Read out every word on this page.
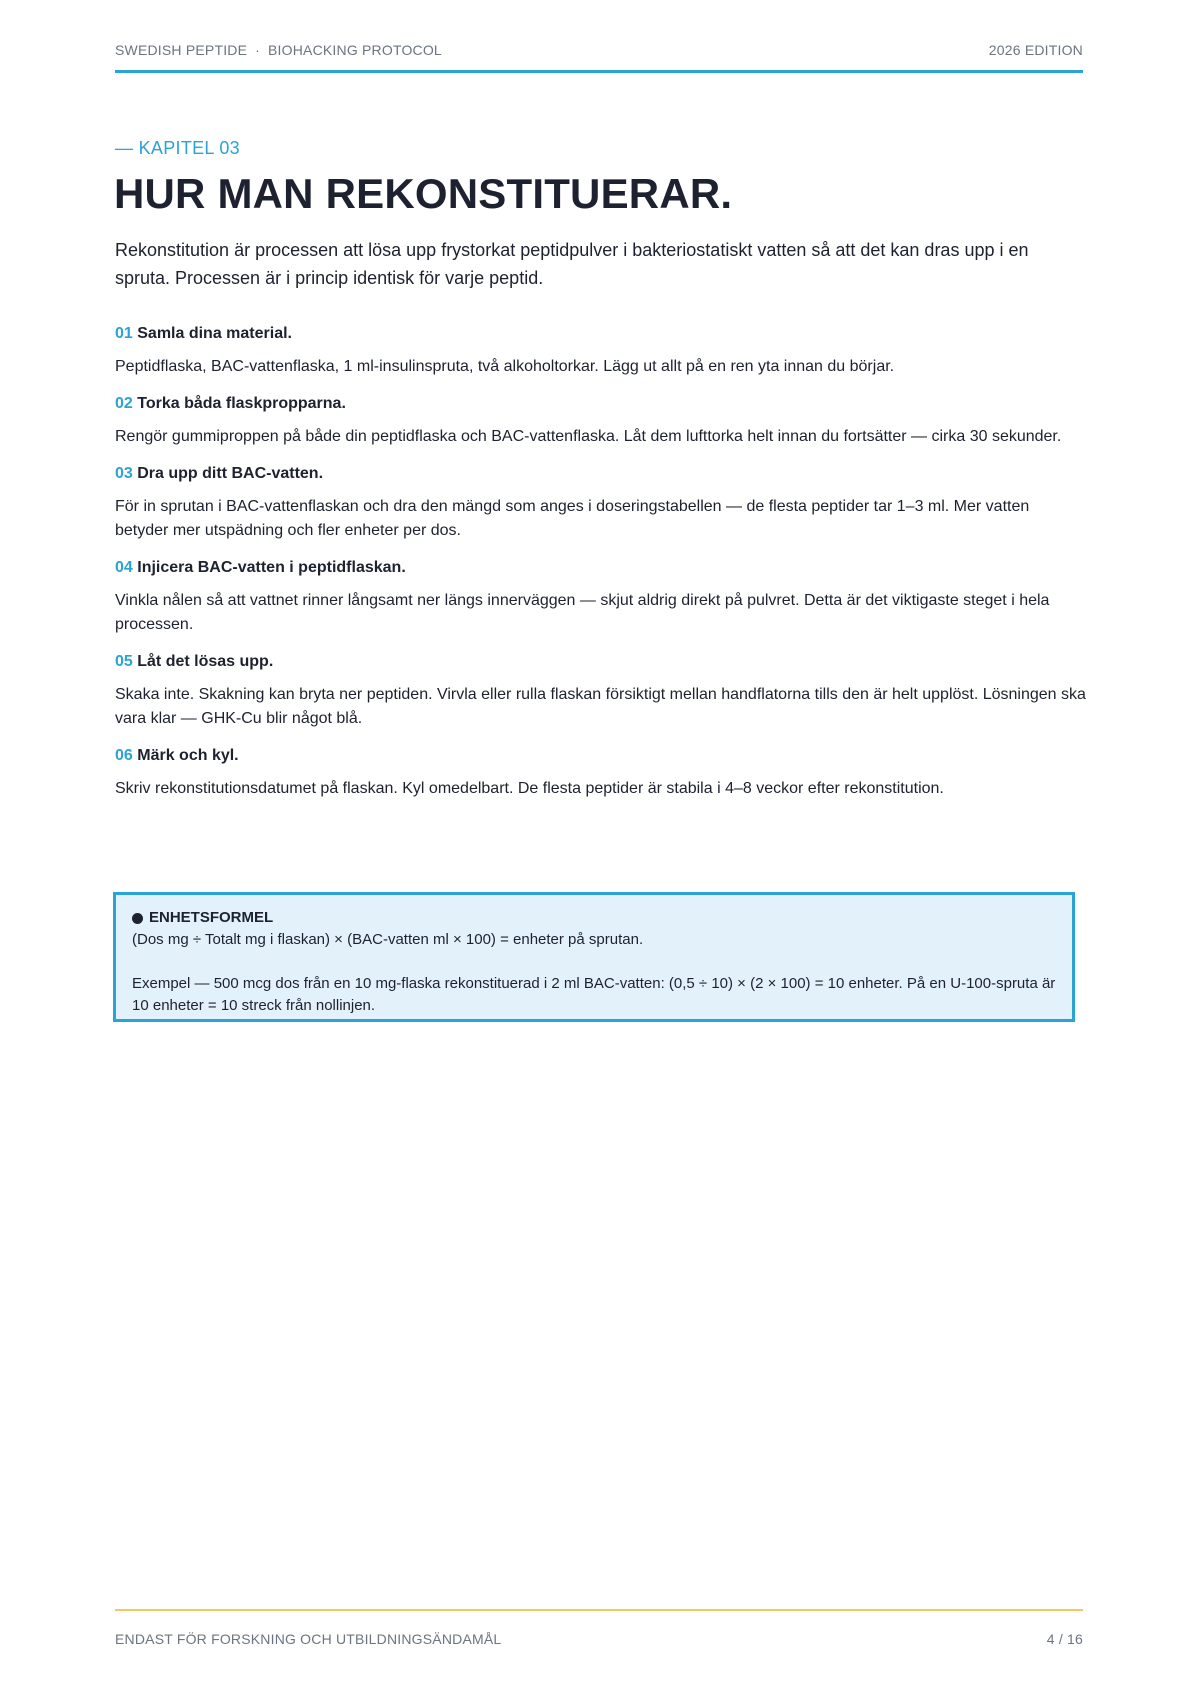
SWEDISH PEPTIDE · BIOHACKING PROTOCOL	2026 EDITION
— KAPITEL 03
HUR MAN REKONSTITUERAR.

Rekonstitution är processen att lösa upp frystorkat peptidpulver i bakteriostatiskt vatten så att det kan dras upp i en spruta. Processen är i princip identisk för varje peptid.

01 Samla dina material.

Peptidflaska, BAC-vattenflaska, 1 ml-insulinspruta, två alkoholtorkar. Lägg ut allt på en ren yta innan du börjar.

02 Torka båda flaskpropparna.

Rengör gummiproppen på både din peptidflaska och BAC-vattenflaska. Låt dem lufttorka helt innan du fortsätter — cirka 30 sekunder.

03 Dra upp ditt BAC-vatten.

För in sprutan i BAC-vattenflaskan och dra den mängd som anges i doseringstabellen — de flesta peptider tar 1–3 ml. Mer vatten betyder mer utspädning och fler enheter per dos.

04 Injicera BAC-vatten i peptidflaskan.

Vinkla nålen så att vattnet rinner långsamt ner längs innerväggen — skjut aldrig direkt på pulvret. Detta är det viktigaste steget i hela processen.

05 Låt det lösas upp.

Skaka inte. Skakning kan bryta ner peptiden. Virvla eller rulla flaskan försiktigt mellan handflatorna tills den är helt upplöst. Lösningen ska vara klar — GHK-Cu blir något blå.

06 Märk och kyl.

Skriv rekonstitutionsdatumet på flaskan. Kyl omedelbart. De flesta peptider är stabila i 4–8 veckor efter rekonstitution.

ENHETSFORMEL

(Dos mg ÷ Totalt mg i flaskan) × (BAC-vatten ml × 100) = enheter på sprutan.

Exempel — 500 mcg dos från en 10 mg-flaska rekonstituerad i 2 ml BAC-vatten: (0,5 ÷ 10) × (2 × 100) = 10 enheter. På en U-100-spruta är 10 enheter = 10 streck från nollinjen.

ENDAST FÖR FORSKNING OCH UTBILDNINGSÄNDAMÅL	4 / 16
